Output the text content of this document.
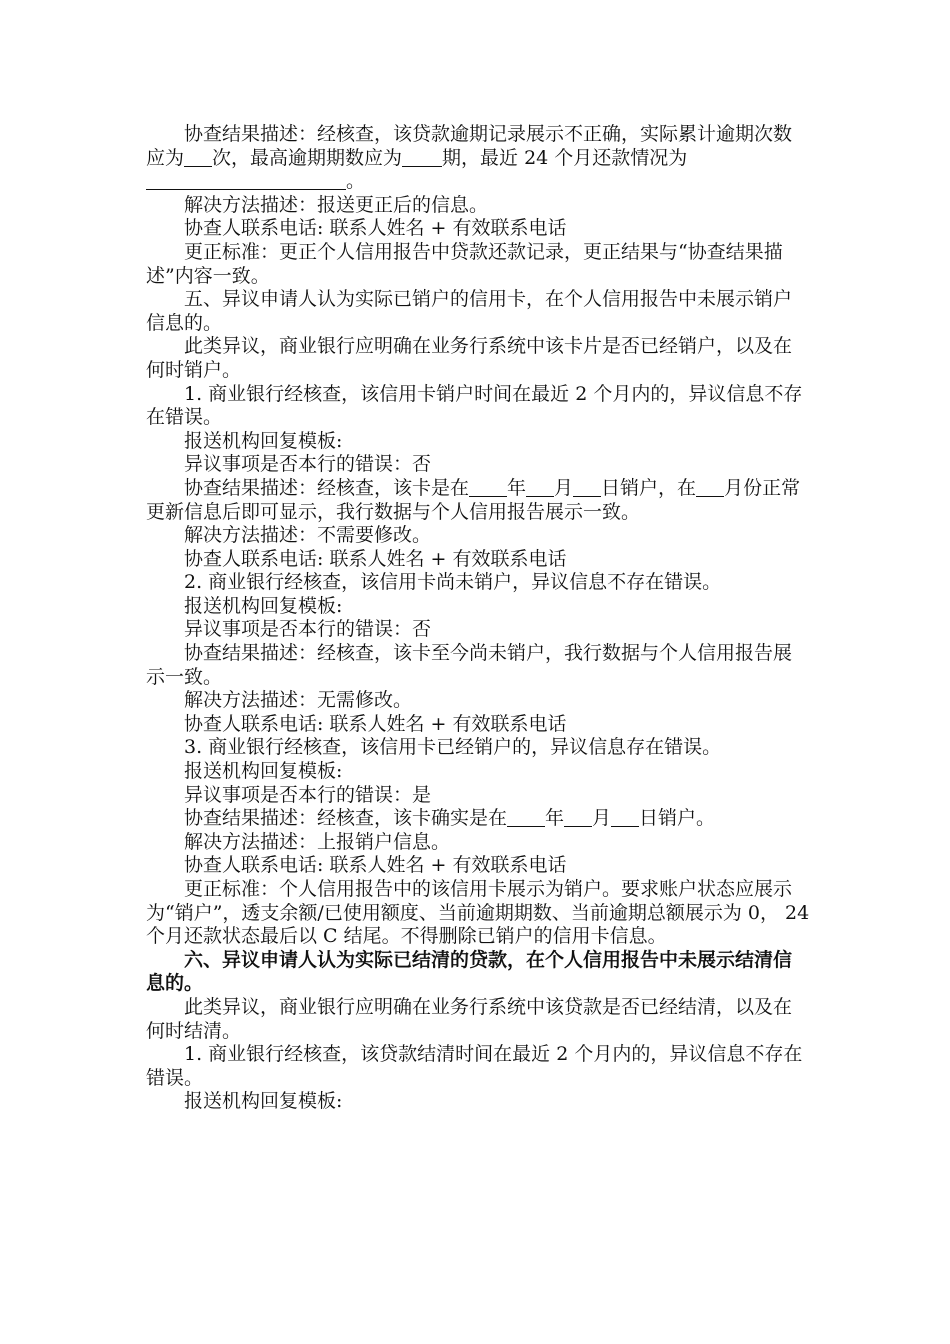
协查结果描述：经核查，该贷款逾期记录展示不正确，实际累计逾期次数应为 次，最高逾期期数应为 期，最近 24 个月还款情况为。

解决方法描述：报送更正后的信息。

协查人联系电话: 联系人姓名 + 有效联系电话

更正标准：更正个人信用报告中贷款还款记录，更正结果与“协查结果描述”内容一致。

五、异议申请人认为实际已销户的信用卡，在个人信用报告中未展示销户信息的。

此类异议，商业银行应明确在业务行系统中该卡片是否已经销户，以及在何时销户。

1. 商业银行经核查，该信用卡销户时间在最近 2 个月内的，异议信息不存在错误。

报送机构回复模板:

异议事项是否本行的错误：否

协查结果描述：经核查，该卡是在 年 月 日销户，在 月份正常更新信息后即可显示，我行数据与个人信用报告展示一致。

解决方法描述：不需要修改。

协查人联系电话: 联系人姓名 + 有效联系电话

2. 商业银行经核查，该信用卡尚未销户，异议信息不存在错误。

报送机构回复模板:

异议事项是否本行的错误：否

协查结果描述：经核查，该卡至今尚未销户，我行数据与个人信用报告展示一致。

解决方法描述：无需修改。

协查人联系电话: 联系人姓名 + 有效联系电话

3. 商业银行经核查，该信用卡已经销户的，异议信息存在错误。

报送机构回复模板:

异议事项是否本行的错误：是

协查结果描述：经核查，该卡确实是在 年 月 日销户。

解决方法描述：上报销户信息。

协查人联系电话: 联系人姓名 + 有效联系电话

更正标准：个人信用报告中的该信用卡展示为销户。要求账户状态应展示为“销户”，透支余额/已使用额度、当前逾期期数、当前逾期总额展示为 0， 24 个月还款状态最后以 C 结尾。不得删除已销户的信用卡信息。

六、异议申请人认为实际已结清的贷款，在个人信用报告中未展示结清信息的。

此类异议，商业银行应明确在业务行系统中该贷款是否已经结清，以及在何时结清。

1. 商业银行经核查，该贷款结清时间在最近 2 个月内的，异议信息不存在错误。

报送机构回复模板:
